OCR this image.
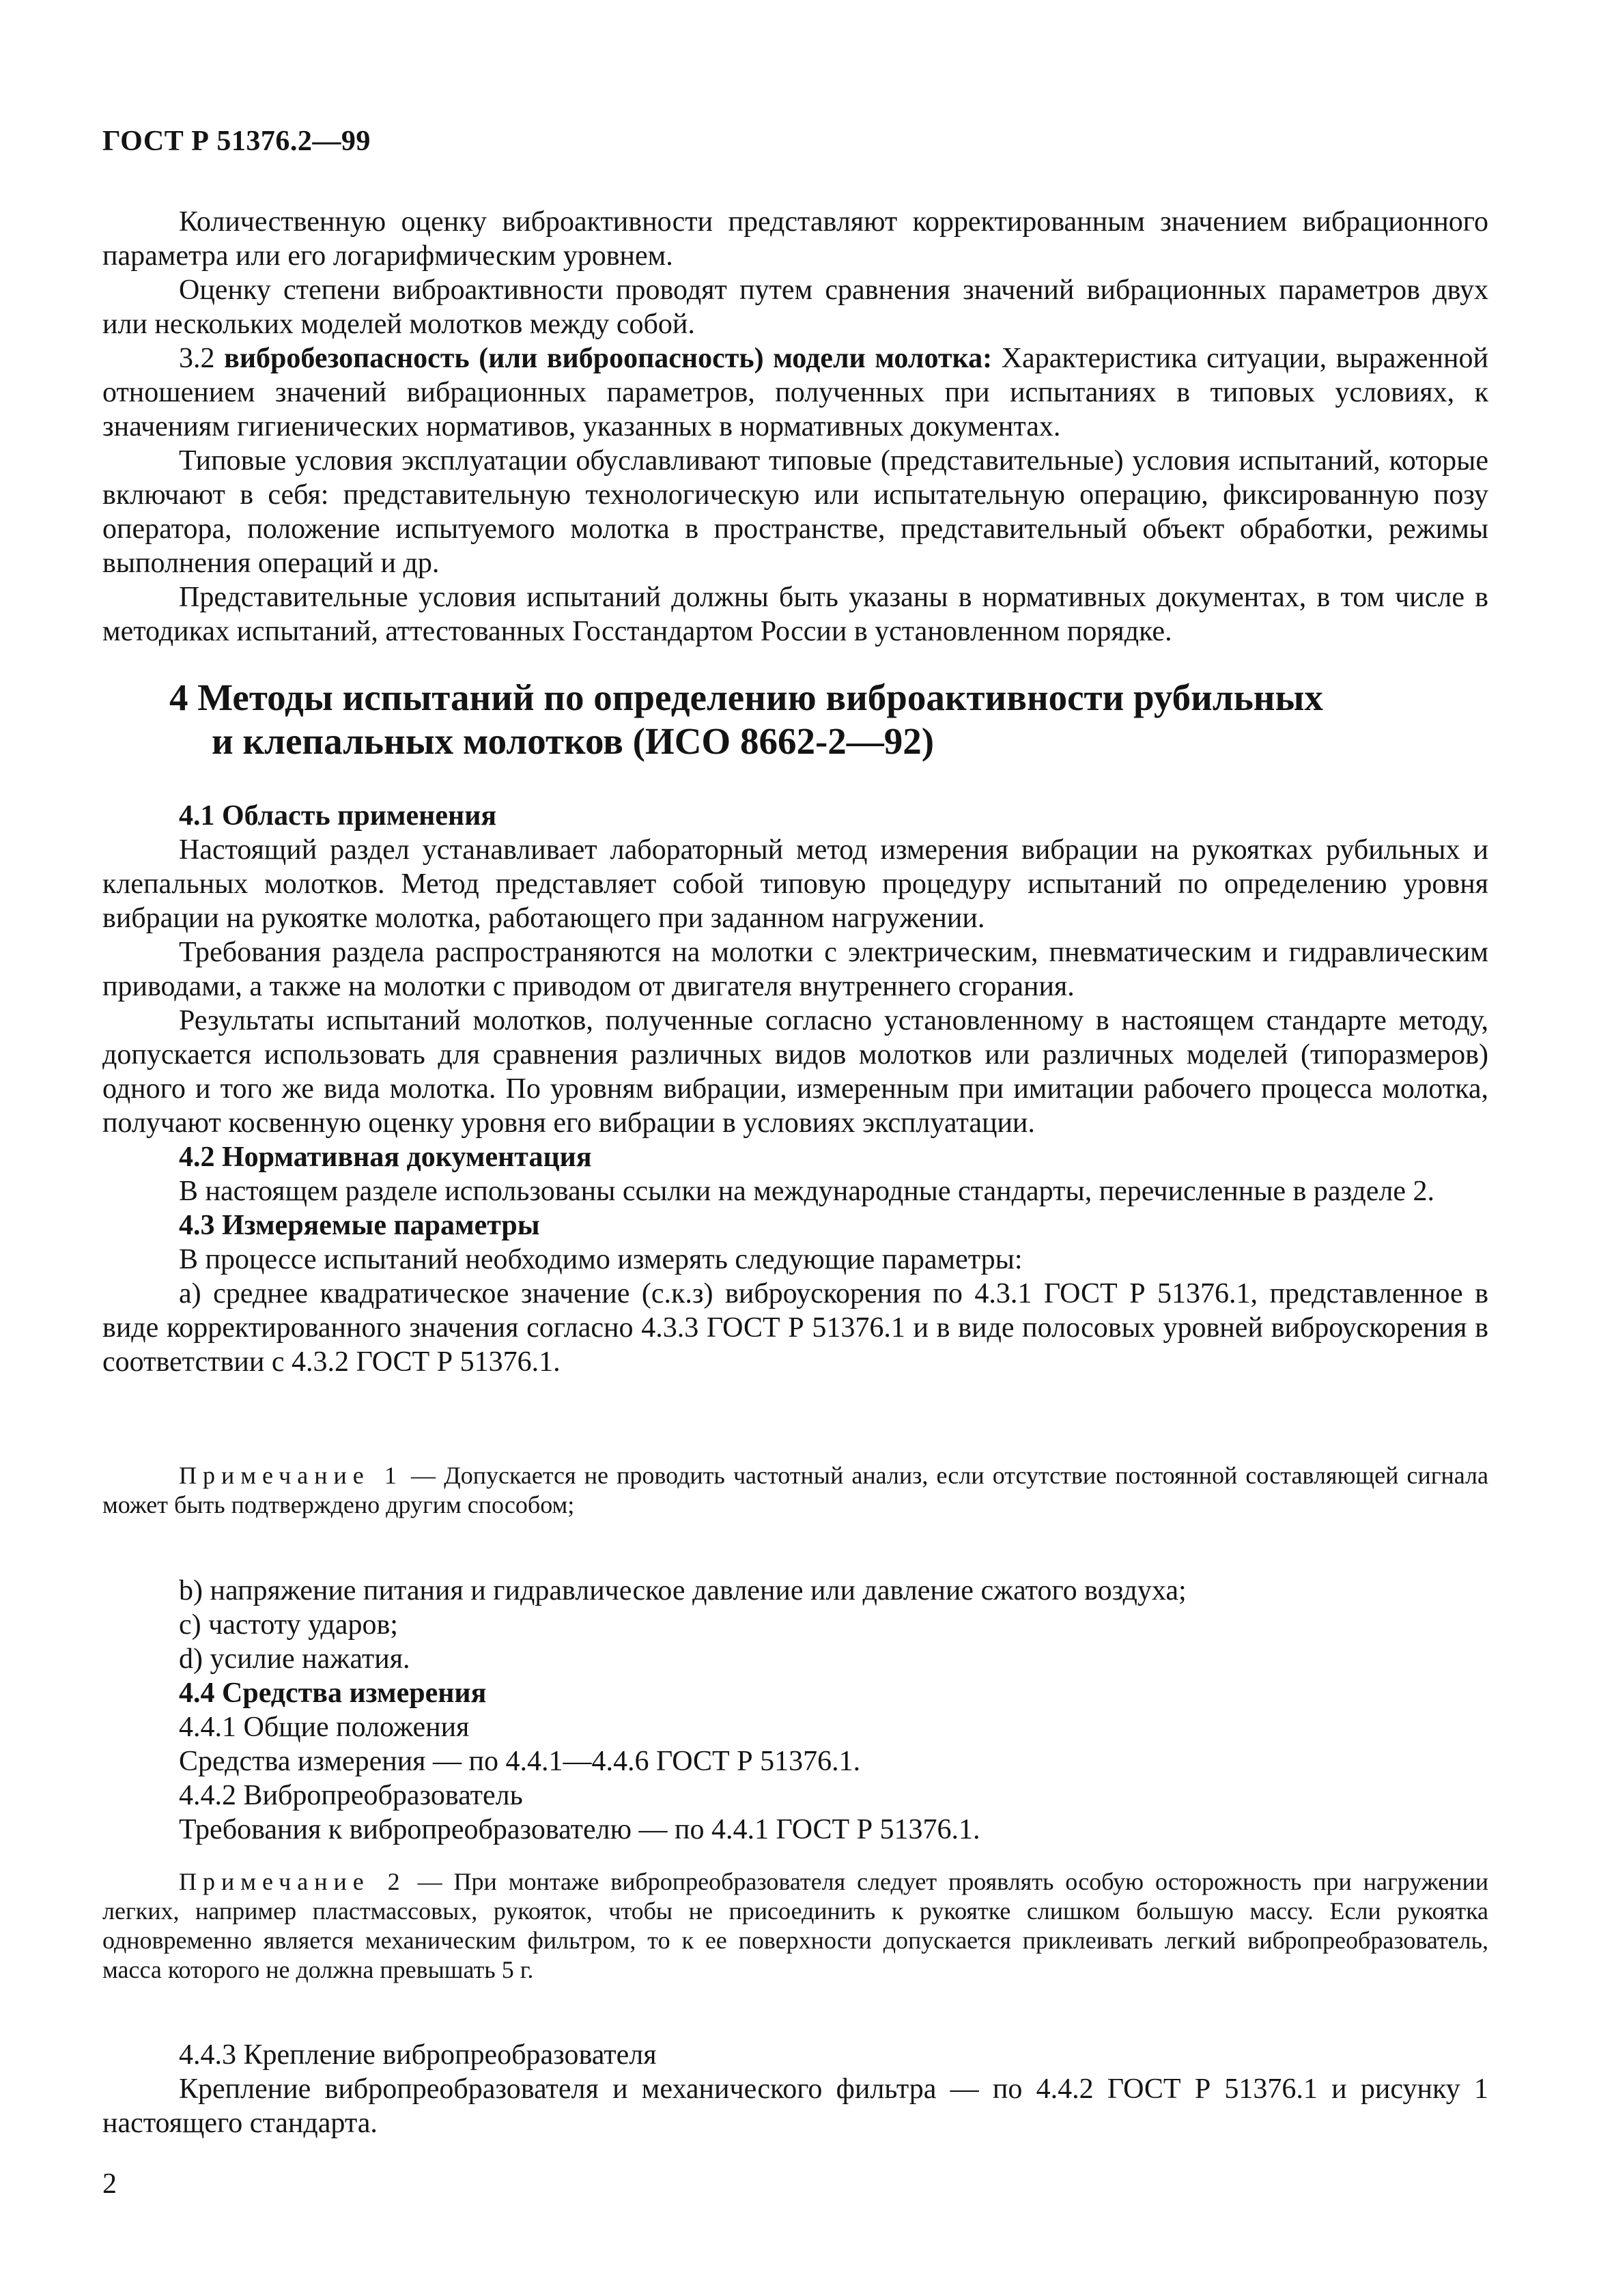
ГОСТ Р 51376.2—99

Количественную оценку виброактивности представляют корректированным значением вибрационного параметра или его логарифмическим уровнем.

Оценку степени виброактивности проводят путем сравнения значений вибрационных параметров двух или нескольких моделей молотков между собой.

3.2 вибробезопасность (или виброопасность) модели молотка: Характеристика ситуации, выраженной отношением значений вибрационных параметров, полученных при испытаниях в типовых условиях, к значениям гигиенических нормативов, указанных в нормативных документах.

Типовые условия эксплуатации обуславливают типовые (представительные) условия испытаний, которые включают в себя: представительную технологическую или испытательную операцию, фиксированную позу оператора, положение испытуемого молотка в пространстве, представительный объект обработки, режимы выполнения операций и др.

Представительные условия испытаний должны быть указаны в нормативных документах, в том числе в методиках испытаний, аттестованных Госстандартом России в установленном порядке.

4 Методы испытаний по определению виброактивности рубильных
и клепальных молотков (ИСО 8662-2—92)

4.1 Область применения

Настоящий раздел устанавливает лабораторный метод измерения вибрации на рукоятках рубильных и клепальных молотков. Метод представляет собой типовую процедуру испытаний по определению уровня вибрации на рукоятке молотка, работающего при заданном нагружении.

Требования раздела распространяются на молотки с электрическим, пневматическим и гидравлическим приводами, а также на молотки с приводом от двигателя внутреннего сгорания.

Результаты испытаний молотков, полученные согласно установленному в настоящем стандарте методу, допускается использовать для сравнения различных видов молотков или различных моделей (типоразмеров) одного и того же вида молотка. По уровням вибрации, измеренным при имитации рабочего процесса молотка, получают косвенную оценку уровня его вибрации в условиях эксплуатации.

4.2 Нормативная документация

В настоящем разделе использованы ссылки на международные стандарты, перечисленные в разделе 2.

4.3 Измеряемые параметры

В процессе испытаний необходимо измерять следующие параметры:

а) среднее квадратическое значение (с.к.з) виброускорения по 4.3.1 ГОСТ Р 51376.1, представленное в виде корректированного значения согласно 4.3.3 ГОСТ Р 51376.1 и в виде полосовых уровней виброускорения в соответствии с 4.3.2 ГОСТ Р 51376.1.

Примечание 1 — Допускается не проводить частотный анализ, если отсутствие постоянной составляющей сигнала может быть подтверждено другим способом;

b) напряжение питания и гидравлическое давление или давление сжатого воздуха;

c) частоту ударов;

d) усилие нажатия.

4.4 Средства измерения

4.4.1 Общие положения

Средства измерения — по 4.4.1—4.4.6 ГОСТ Р 51376.1.

4.4.2 Вибропреобразователь

Требования к вибропреобразователю — по 4.4.1 ГОСТ Р 51376.1.

Примечание 2 — При монтаже вибропреобразователя следует проявлять особую осторожность при нагружении легких, например пластмассовых, рукояток, чтобы не присоединить к рукоятке слишком большую массу. Если рукоятка одновременно является механическим фильтром, то к ее поверхности допускается приклеивать легкий вибропреобразователь, масса которого не должна превышать 5 г.

4.4.3 Крепление вибропреобразователя

Крепление вибропреобразователя и механического фильтра — по 4.4.2 ГОСТ Р 51376.1 и рисунку 1 настоящего стандарта.

2
